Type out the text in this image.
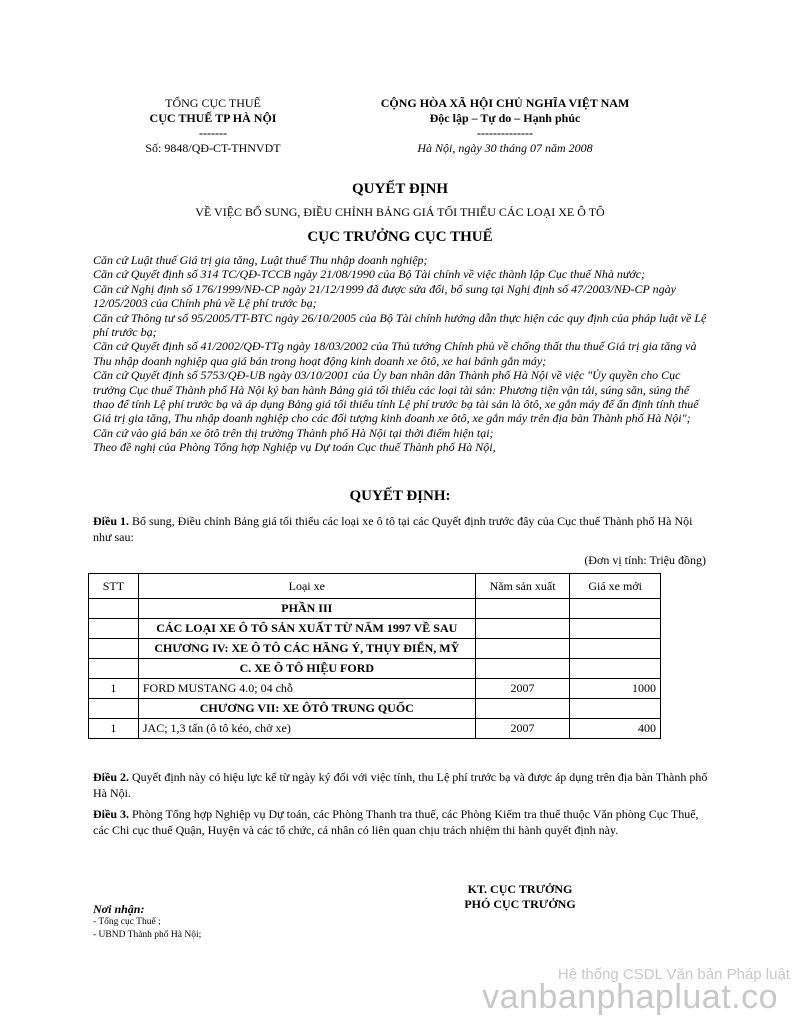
TỔNG CỤC THUẾ
CỤC THUẾ TP HÀ NỘI
-------
Số: 9848/QĐ-CT-THNVDT
CỘNG HÒA XÃ HỘI CHỦ NGHĨA VIỆT NAM
Độc lập – Tự do – Hạnh phúc
--------------
Hà Nội, ngày 30 tháng 07 năm 2008
QUYẾT ĐỊNH
VỀ VIỆC BỔ SUNG, ĐIỀU CHỈNH BẢNG GIÁ TỐI THIỂU CÁC LOẠI XE Ô TÔ
CỤC TRƯỞNG CỤC THUẾ

Căn cứ Luật thuế Giá trị gia tăng, Luật thuế Thu nhập doanh nghiệp;

Căn cứ Quyết định số 314 TC/QĐ-TCCB ngày 21/08/1990 của Bộ Tài chính về việc thành lập Cục thuế Nhà nước;

Căn cứ Nghị định số 176/1999/NĐ-CP ngày 21/12/1999 đã được sửa đổi, bổ sung tại Nghị định số 47/2003/NĐ-CP ngày 12/05/2003 của Chính phủ về Lệ phí trước bạ;

Căn cứ Thông tư số 95/2005/TT-BTC ngày 26/10/2005 của Bộ Tài chính hướng dẫn thực hiện các quy định của pháp luật về Lệ phí trước bạ;

Căn cứ Quyết định số 41/2002/QĐ-TTg ngày 18/03/2002 của Thủ tướng Chính phủ về chống thất thu thuế Giá trị gia tăng và Thu nhập doanh nghiệp qua giá bán trong hoạt động kinh doanh xe ôtô, xe hai bánh gắn máy;

Căn cứ Quyết định số 5753/QĐ-UB ngày 03/10/2001 của Ủy ban nhân dân Thành phố Hà Nội về việc "Ủy quyền cho Cục trưởng Cục thuế Thành phố Hà Nội ký ban hành Bảng giá tối thiểu các loại tài sản: Phương tiện vận tải, súng săn, súng thể thao để tính Lệ phí trước bạ và áp dụng Bảng giá tối thiểu tính Lệ phí trước bạ tài sản là ôtô, xe gắn máy để ấn định tính thuế Giá trị gia tăng, Thu nhập doanh nghiệp cho các đối tượng kinh doanh xe ôtô, xe gắn máy trên địa bàn Thành phố Hà Nội";

Căn cứ vào giá bán xe ôtô trên thị trường Thành phố Hà Nội tại thời điểm hiện tại;

Theo đề nghị của Phòng Tổng hợp Nghiệp vụ Dự toán Cục thuế Thành phố Hà Nội,

QUYẾT ĐỊNH:
Điều 1. Bổ sung, Điều chỉnh Bảng giá tối thiểu các loại xe ô tô tại các Quyết định trước đây của Cục thuế Thành phố Hà Nội như sau:
(Đơn vị tính: Triệu đồng)
STT	Loại xe	Năm sản xuất	Giá xe mới
	PHẦN III		
	CÁC LOẠI XE Ô TÔ SẢN XUẤT TỪ NĂM 1997 VỀ SAU		
	CHƯƠNG IV: XE Ô TÔ CÁC HÃNG Ý, THỤY ĐIỂN, MỸ		
	C. XE Ô TÔ HIỆU FORD		
1	FORD MUSTANG 4.0; 04 chỗ	2007	1000
	CHƯƠNG VII: XE ÔTÔ TRUNG QUỐC		
1	JAC; 1,3 tấn (ô tô kéo, chở xe)	2007	400
Điều 2. Quyết định này có hiệu lực kể từ ngày ký đối với việc tính, thu Lệ phí trước bạ và được áp dụng trên địa bàn Thành phố Hà Nội.
Điều 3. Phòng Tổng hợp Nghiệp vụ Dự toán, các Phòng Thanh tra thuế, các Phòng Kiểm tra thuế thuộc Văn phòng Cục Thuế, các Chi cục thuế Quận, Huyện và các tổ chức, cá nhân có liên quan chịu trách nhiệm thi hành quyết định này.
KT. CỤC TRƯỞNG
PHÓ CỤC TRƯỞNG
Nơi nhận:
- Tổng cục Thuế ;
- UBND Thành phố Hà Nội;
Hệ thống CSDL Văn bản Pháp luật
vanbanphapluat.co
